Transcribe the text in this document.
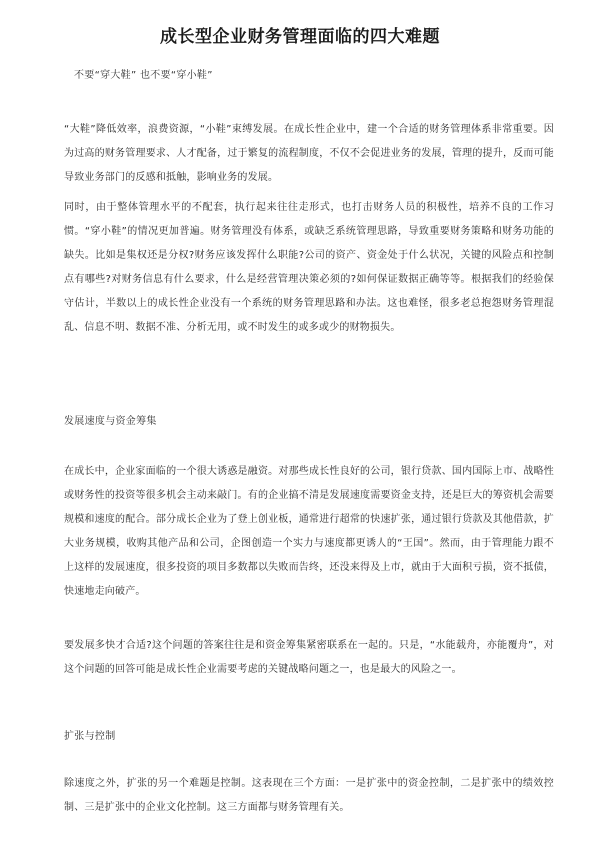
成长型企业财务管理面临的四大难题
不要“穿大鞋” 也不要“穿小鞋”
“大鞋”降低效率，浪费资源，“小鞋”束缚发展。在成长性企业中，建一个合适的财务管理体系非常重要。因为过高的财务管理要求、人才配备，过于繁复的流程制度，不仅不会促进业务的发展，管理的提升，反而可能导致业务部门的反感和抵触，影响业务的发展。
同时，由于整体管理水平的不配套，执行起来往往走形式，也打击财务人员的积极性，培养不良的工作习惯。“穿小鞋”的情况更加普遍。财务管理没有体系，或缺乏系统管理思路，导致重要财务策略和财务功能的缺失。比如是集权还是分权?财务应该发挥什么职能?公司的资产、资金处于什么状况，关键的风险点和控制点有哪些?对财务信息有什么要求，什么是经营管理决策必须的?如何保证数据正确等等。根据我们的经验保守估计，半数以上的成长性企业没有一个系统的财务管理思路和办法。这也难怪，很多老总抱怨财务管理混乱、信息不明、数据不准、分析无用，或不时发生的或多或少的财物损失。
发展速度与资金筹集
在成长中，企业家面临的一个很大诱惑是融资。对那些成长性良好的公司，银行贷款、国内国际上市、战略性或财务性的投资等很多机会主动来敲门。有的企业搞不清是发展速度需要资金支持，还是巨大的筹资机会需要规模和速度的配合。部分成长企业为了登上创业板，通常进行超常的快速扩张，通过银行贷款及其他借款，扩大业务规模，收购其他产品和公司，企图创造一个实力与速度都更诱人的“王国”。然而，由于管理能力跟不上这样的发展速度，很多投资的项目多数都以失败而告终，还没来得及上市，就由于大面积亏损，资不抵债，快速地走向破产。
要发展多快才合适?这个问题的答案往往是和资金筹集紧密联系在一起的。只是，“水能载舟，亦能覆舟”，对这个问题的回答可能是成长性企业需要考虑的关键战略问题之一，也是最大的风险之一。
扩张与控制
除速度之外，扩张的另一个难题是控制。这表现在三个方面：一是扩张中的资金控制，二是扩张中的绩效控制、三是扩张中的企业文化控制。这三方面都与财务管理有关。
